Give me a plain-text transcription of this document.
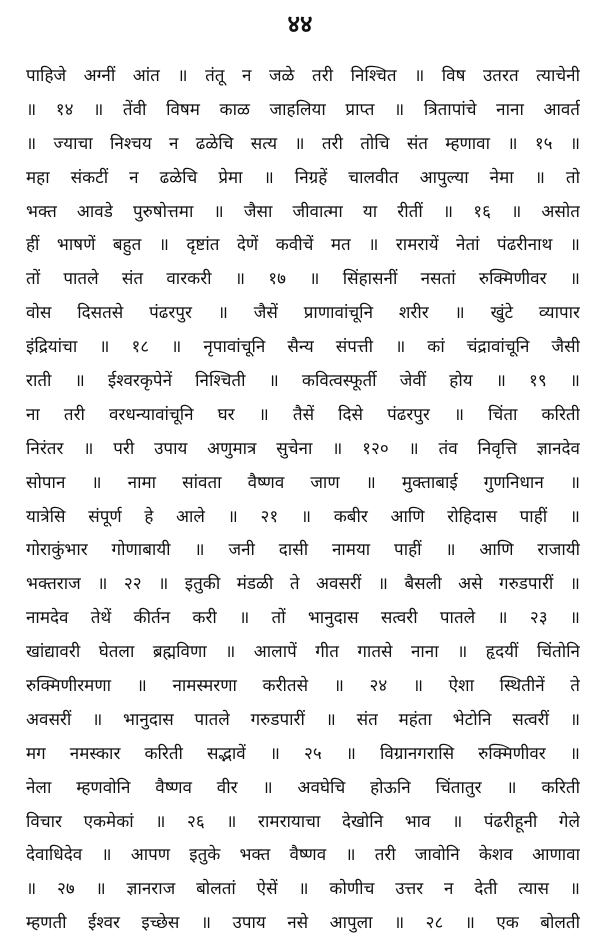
४४
पाहिजे अग्नीं आंत ॥ तंतू न जळे तरी निश्चित ॥ विष उतरत त्याचेनी
॥ १४ ॥ तेंवी विषम काळ जाहलिया प्राप्त ॥ त्रितापांचे नाना आवर्त
॥ ज्याचा निश्चय न ढळेचि सत्य ॥ तरी तोचि संत म्हणावा ॥ १५ ॥
महा संकटीं न ढळेचि प्रेमा ॥ निग्रहें चालवीत आपुल्या नेमा ॥ तो
भक्त आवडे पुरुषोत्तमा ॥ जैसा जीवात्मा या रीतीं ॥ १६ ॥ असोत
हीं भाषणें बहुत ॥ दृष्टांत देणें कवीचें मत ॥ रामरायें नेतां पंढरीनाथ ॥
तों पातले संत वारकरी ॥ १७ ॥ सिंहासनीं नसतां रुक्मिणीवर ॥
वोस दिसतसे पंढरपुर ॥ जैसें प्राणावांचूनि शरीर ॥ खुंटे व्यापार
इंद्रियांचा ॥ १८ ॥ नृपावांचूनि सैन्य संपत्ती ॥ कां चंद्रावांचूनि जैसी
राती ॥ ईश्वरकृपेनें निश्चिती ॥ कवित्वस्फूर्ती जेवीं होय ॥ १९ ॥
ना तरी वरधन्यावांचूनि घर ॥ तैसें दिसे पंढरपुर ॥ चिंता करिती
निरंतर ॥ परी उपाय अणुमात्र सुचेना ॥ १२० ॥ तंव निवृत्ति ज्ञानदेव
सोपान ॥ नामा सांवता वैष्णव जाण ॥ मुक्ताबाई गुणनिधान ॥
यात्रेसि संपूर्ण हे आले ॥ २१ ॥ कबीर आणि रोहिदास पाहीं ॥
गोराकुंभार गोणाबायी ॥ जनी दासी नामया पाहीं ॥ आणि राजायी
भक्तराज ॥ २२ ॥ इतुकी मंडळी ते अवसरीं ॥ बैसली असे गरुडपारीं ॥
नामदेव तेथें कीर्तन करी ॥ तों भानुदास सत्वरी पातले ॥ २३ ॥
खांद्यावरी घेतला ब्रह्मविणा ॥ आलापें गीत गातसे नाना ॥ हृदयीं चिंतोनि
रुक्मिणीरमणा ॥ नामस्मरणा करीतसे ॥ २४ ॥ ऐशा स्थितीनें ते
अवसरीं ॥ भानुदास पातले गरुडपारीं ॥ संत महंता भेटोनि सत्वरीं ॥
मग नमस्कार करिती सद्भावें ॥ २५ ॥ विग्रानगरासि रुक्मिणीवर ॥
नेला म्हणवोनि वैष्णव वीर ॥ अवघेचि होऊनि चिंतातुर ॥ करिती
विचार एकमेकां ॥ २६ ॥ रामरायाचा देखोनि भाव ॥ पंढरीहूनी गेले
देवाधिदेव ॥ आपण इतुके भक्त वैष्णव ॥ तरी जावोनि केशव आणावा
॥ २७ ॥ ज्ञानराज बोलतां ऐसें ॥ कोणीच उत्तर न देती त्यास ॥
म्हणती ईश्वर इच्छेस ॥ उपाय नसे आपुला ॥ २८ ॥ एक बोलती
